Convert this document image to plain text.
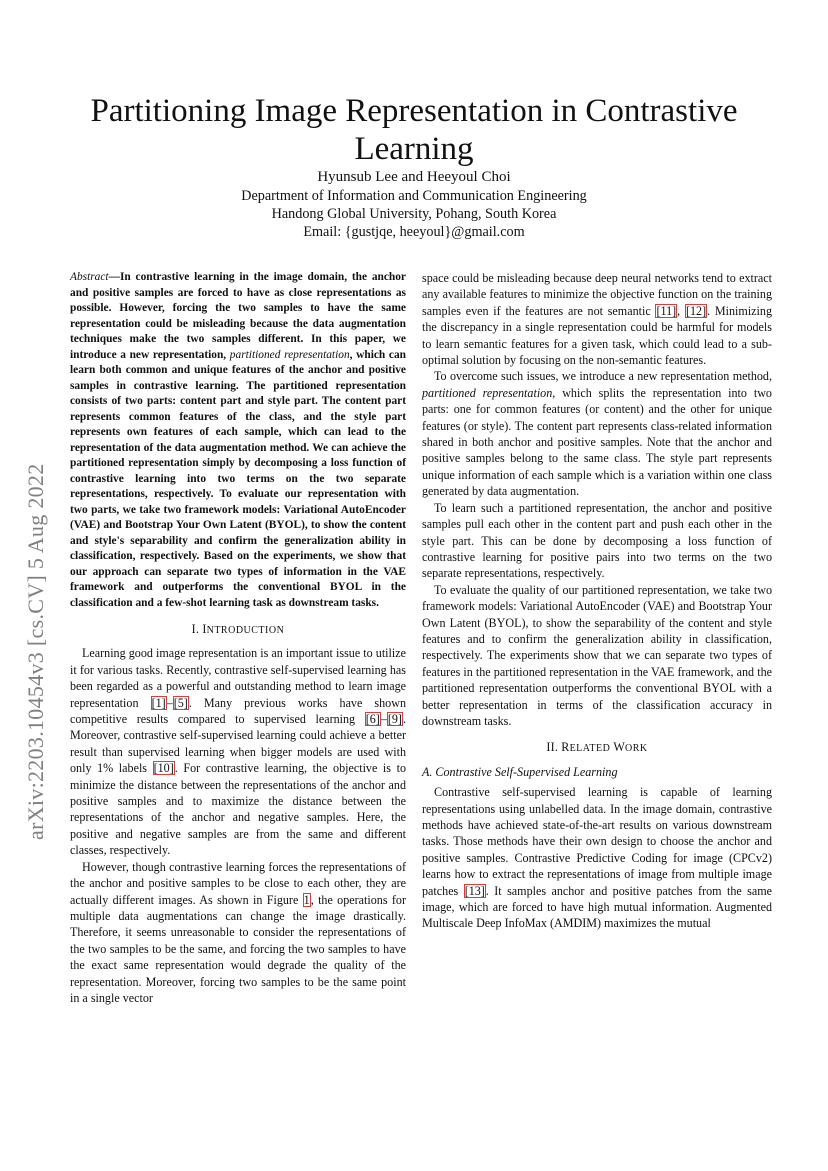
arXiv:2203.10454v3 [cs.CV] 5 Aug 2022
Partitioning Image Representation in Contrastive Learning
Hyunsub Lee and Heeyoul Choi
Department of Information and Communication Engineering
Handong Global University, Pohang, South Korea
Email: {gustjqe, heeyoul}@gmail.com

Abstract—In contrastive learning in the image domain, the anchor and positive samples are forced to have as close representations as possible. However, forcing the two samples to have the same representation could be misleading because the data augmentation techniques make the two samples different. In this paper, we introduce a new representation, partitioned representation, which can learn both common and unique features of the anchor and positive samples in contrastive learning. The partitioned representation consists of two parts: content part and style part. The content part represents common features of the class, and the style part represents own features of each sample, which can lead to the representation of the data augmentation method. We can achieve the partitioned representation simply by decomposing a loss function of contrastive learning into two terms on the two separate representations, respectively. To evaluate our representation with two parts, we take two framework models: Variational AutoEncoder (VAE) and Bootstrap Your Own Latent (BYOL), to show the content and style's separability and confirm the generalization ability in classification, respectively. Based on the experiments, we show that our approach can separate two types of information in the VAE framework and outperforms the conventional BYOL in the classification and a few-shot learning task as downstream tasks.

I. INTRODUCTION

Learning good image representation is an important issue to utilize it for various tasks. Recently, contrastive self-supervised learning has been regarded as a powerful and outstanding method to learn image representation [1]–[5]. Many previous works have shown competitive results compared to supervised learning [6]–[9]. Moreover, contrastive self-supervised learning could achieve a better result than supervised learning when bigger models are used with only 1% labels [10]. For contrastive learning, the objective is to minimize the distance between the representations of the anchor and positive samples and to maximize the distance between the representations of the anchor and negative samples. Here, the positive and negative samples are from the same and different classes, respectively.

However, though contrastive learning forces the representations of the anchor and positive samples to be close to each other, they are actually different images. As shown in Figure 1, the operations for multiple data augmentations can change the image drastically. Therefore, it seems unreasonable to consider the representations of the two samples to be the same, and forcing the two samples to have the exact same representation would degrade the quality of the representation. Moreover, forcing two samples to be the same point in a single vector

space could be misleading because deep neural networks tend to extract any available features to minimize the objective function on the training samples even if the features are not semantic [11], [12]. Minimizing the discrepancy in a single representation could be harmful for models to learn semantic features for a given task, which could lead to a sub-optimal solution by focusing on the non-semantic features.

To overcome such issues, we introduce a new representation method, partitioned representation, which splits the representation into two parts: one for common features (or content) and the other for unique features (or style). The content part represents class-related information shared in both anchor and positive samples. Note that the anchor and positive samples belong to the same class. The style part represents unique information of each sample which is a variation within one class generated by data augmentation.

To learn such a partitioned representation, the anchor and positive samples pull each other in the content part and push each other in the style part. This can be done by decomposing a loss function of contrastive learning for positive pairs into two terms on the two separate representations, respectively.

To evaluate the quality of our partitioned representation, we take two framework models: Variational AutoEncoder (VAE) and Bootstrap Your Own Latent (BYOL), to show the separability of the content and style features and to confirm the generalization ability in classification, respectively. The experiments show that we can separate two types of features in the partitioned representation in the VAE framework, and the partitioned representation outperforms the conventional BYOL with a better representation in terms of the classification accuracy in downstream tasks.

II. RELATED WORK
A. Contrastive Self-Supervised Learning

Contrastive self-supervised learning is capable of learning representations using unlabelled data. In the image domain, contrastive methods have achieved state-of-the-art results on various downstream tasks. Those methods have their own design to choose the anchor and positive samples. Contrastive Predictive Coding for image (CPCv2) learns how to extract the representations of image from multiple image patches [13]. It samples anchor and positive patches from the same image, which are forced to have high mutual information. Augmented Multiscale Deep InfoMax (AMDIM) maximizes the mutual
